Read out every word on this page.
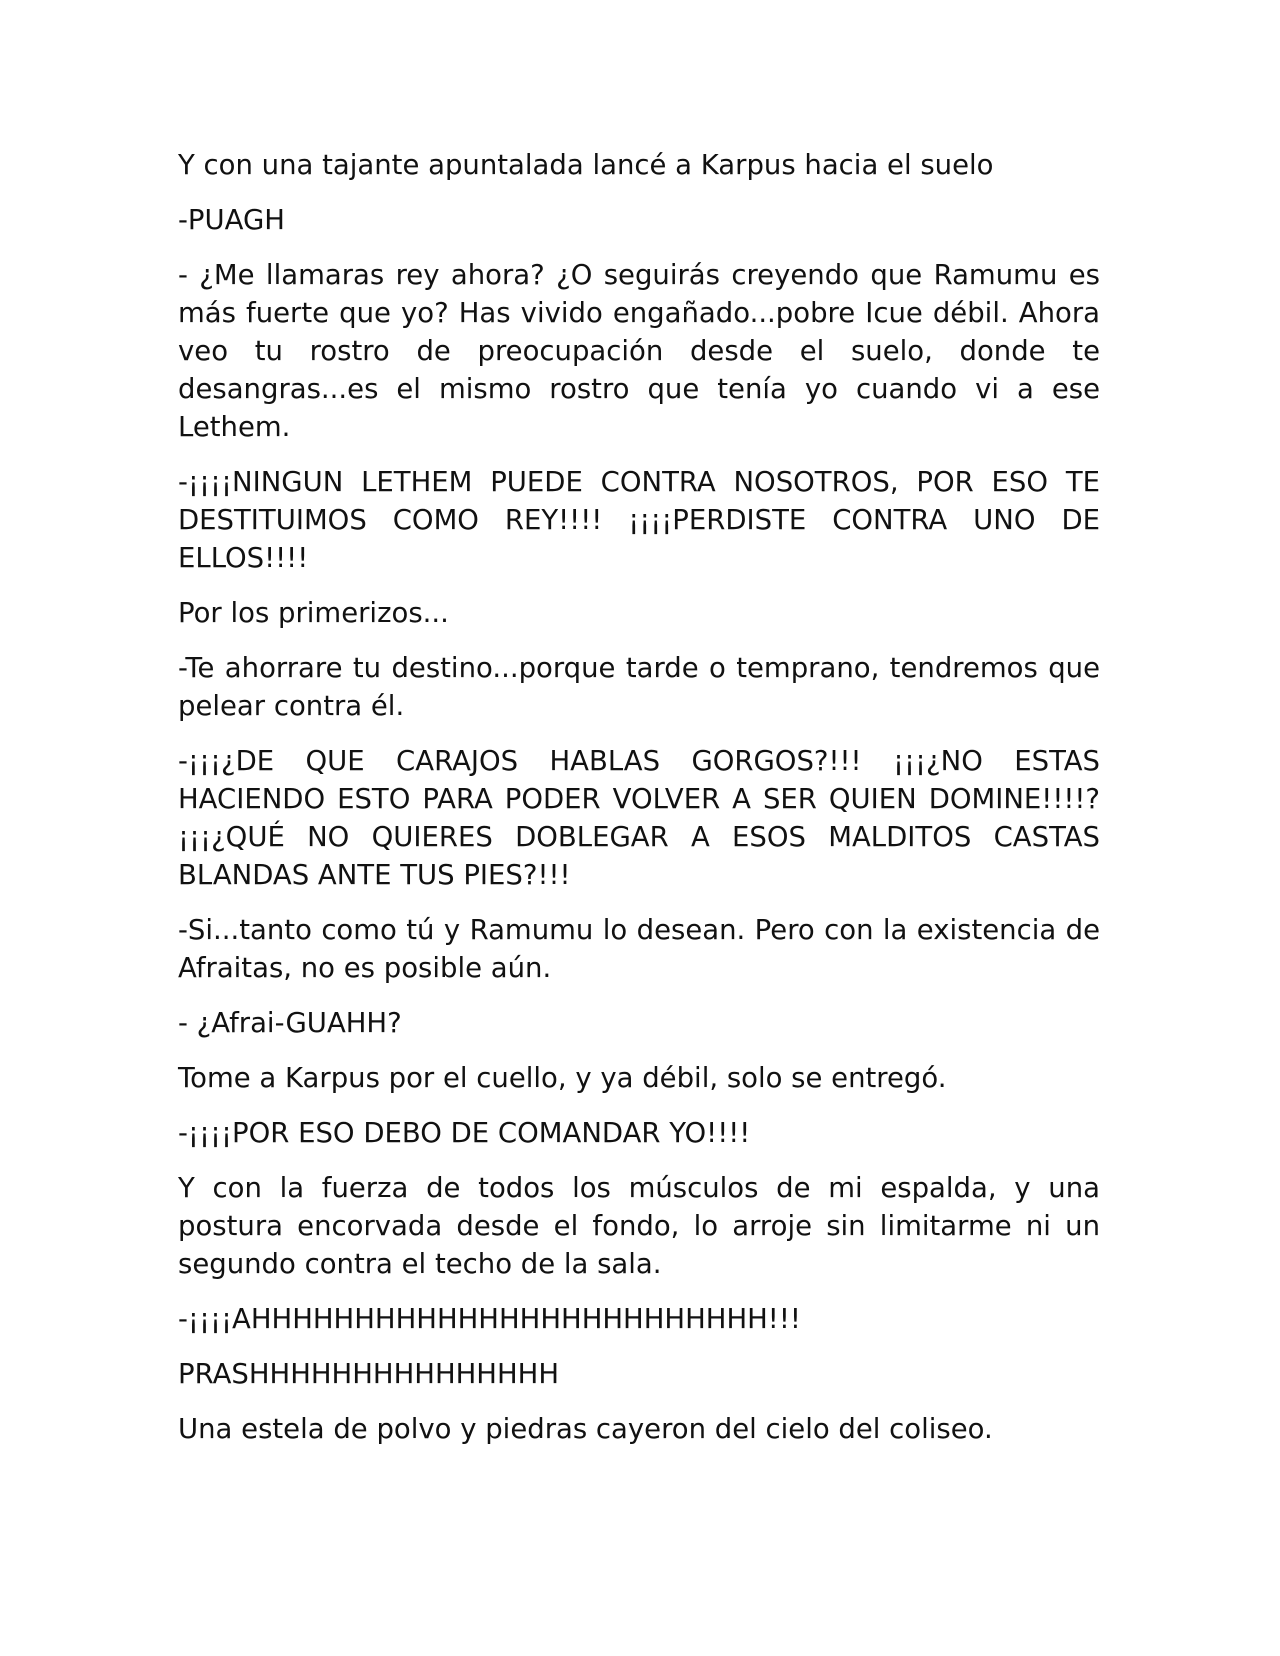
Y con una tajante apuntalada lancé a Karpus hacia el suelo

-PUAGH

- ¿Me llamaras rey ahora? ¿O seguirás creyendo que Ramumu es más fuerte que yo? Has vivido engañado...pobre Icue débil. Ahora veo tu rostro de preocupación desde el suelo, donde te desangras...es el mismo rostro que tenía yo cuando vi a ese Lethem.

-¡¡¡¡NINGUN LETHEM PUEDE CONTRA NOSOTROS, POR ESO TE DESTITUIMOS COMO REY!!!! ¡¡¡¡PERDISTE CONTRA UNO DE ELLOS!!!!

Por los primerizos...

-Te ahorrare tu destino...porque tarde o temprano, tendremos que pelear contra él.

-¡¡¡¿DE QUE CARAJOS HABLAS GORGOS?!!! ¡¡¡¿NO ESTAS HACIENDO ESTO PARA PODER VOLVER A SER QUIEN DOMINE!!!!? ¡¡¡¿QUÉ NO QUIERES DOBLEGAR A ESOS MALDITOS CASTAS BLANDAS ANTE TUS PIES?!!!

-Si...tanto como tú y Ramumu lo desean. Pero con la existencia de Afraitas, no es posible aún.

- ¿Afrai-GUAHH?

Tome a Karpus por el cuello, y ya débil, solo se entregó.

-¡¡¡¡POR ESO DEBO DE COMANDAR YO!!!!

Y con la fuerza de todos los músculos de mi espalda, y una postura encorvada desde el fondo, lo arroje sin limitarme ni un segundo contra el techo de la sala.

-¡¡¡¡AHHHHHHHHHHHHHHHHHHHHHHHHH!!!

PRASHHHHHHHHHHHHHHH

Una estela de polvo y piedras cayeron del cielo del coliseo.
